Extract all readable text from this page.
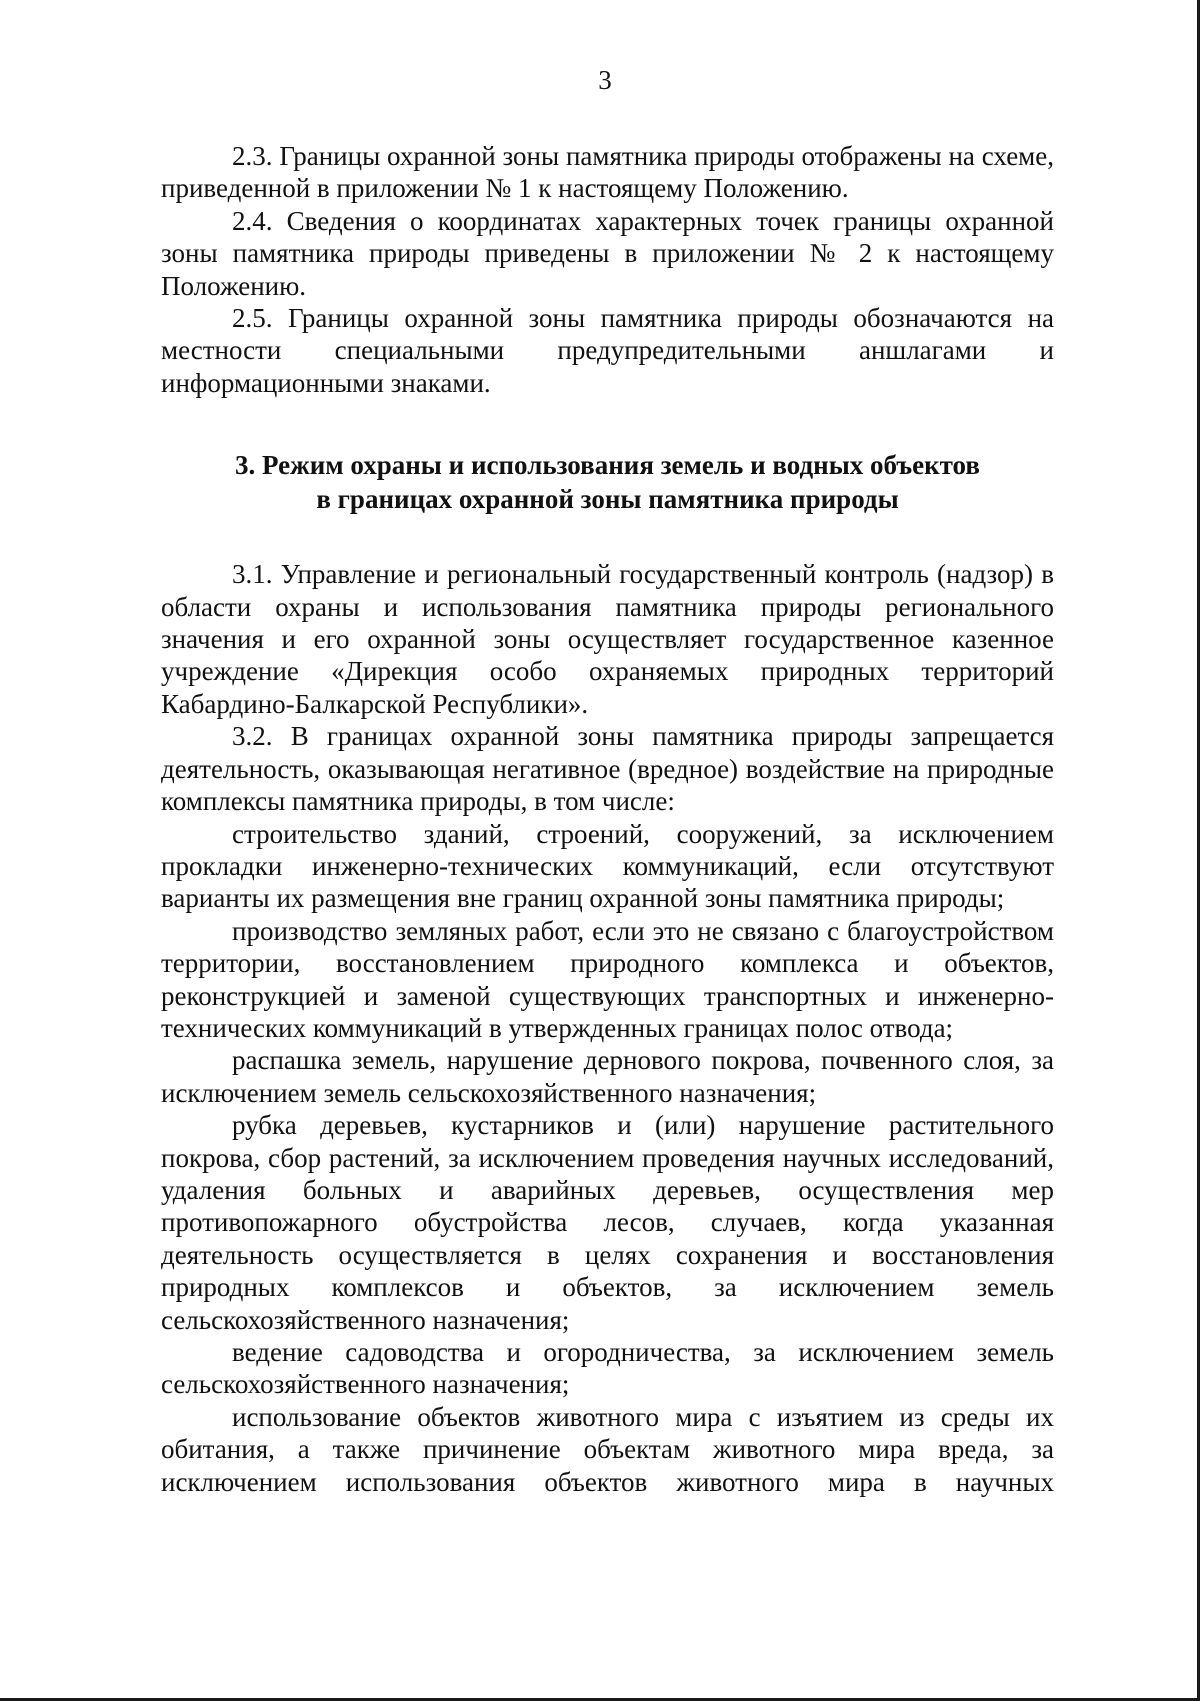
3

2.3. Границы охранной зоны памятника природы отображены на схеме, приведенной в приложении № 1 к настоящему Положению.

2.4. Сведения о координатах характерных точек границы охранной зоны памятника природы приведены в приложении № 2 к настоящему Положению.

2.5. Границы охранной зоны памятника природы обозначаются на местности специальными предупредительными аншлагами и информационными знаками.

3. Режим охраны и использования земель и водных объектов
в границах охранной зоны памятника природы

3.1. Управление и региональный государственный контроль (надзор) в области охраны и использования памятника природы регионального значения и его охранной зоны осуществляет государственное казенное учреждение «Дирекция особо охраняемых природных территорий Кабардино-Балкарской Республики».

3.2. В границах охранной зоны памятника природы запрещается деятельность, оказывающая негативное (вредное) воздействие на природные комплексы памятника природы, в том числе:

строительство зданий, строений, сооружений, за исключением прокладки инженерно-технических коммуникаций, если отсутствуют варианты их размещения вне границ охранной зоны памятника природы;

производство земляных работ, если это не связано с благоустройством территории, восстановлением природного комплекса и объектов, реконструкцией и заменой существующих транспортных и инженерно-технических коммуникаций в утвержденных границах полос отвода;

распашка земель, нарушение дернового покрова, почвенного слоя, за исключением земель сельскохозяйственного назначения;

рубка деревьев, кустарников и (или) нарушение растительного покрова, сбор растений, за исключением проведения научных исследований, удаления больных и аварийных деревьев, осуществления мер противопожарного обустройства лесов, случаев, когда указанная деятельность осуществляется в целях сохранения и восстановления природных комплексов и объектов, за исключением земель сельскохозяйственного назначения;

ведение садоводства и огородничества, за исключением земель сельскохозяйственного назначения;

использование объектов животного мира с изъятием из среды их обитания, а также причинение объектам животного мира вреда, за исключением использования объектов животного мира в научных
